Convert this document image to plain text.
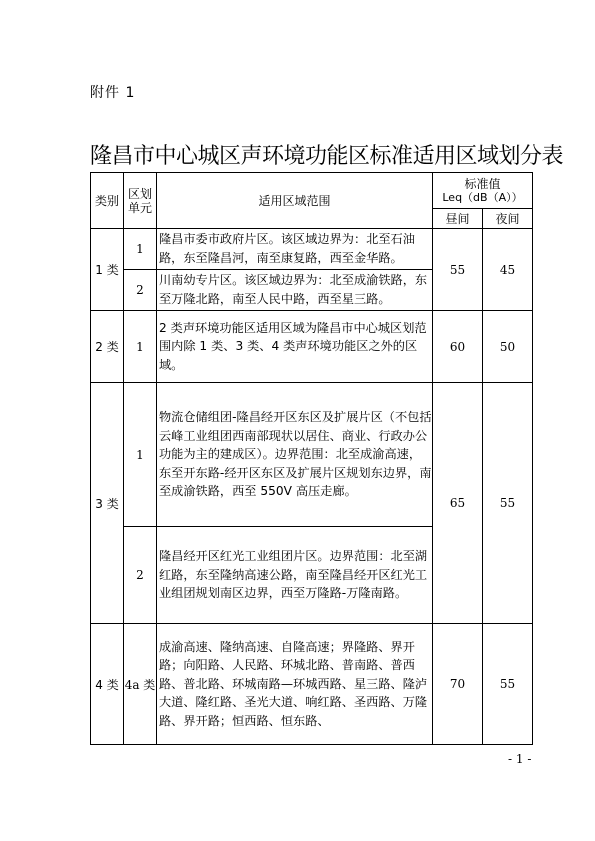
附件 1
隆昌市中心城区声环境功能区标准适用区域划分表
类别	区划单元	适用区域范围	标准值
Leq（dB（A））	

			昼间	夜间
1 类	1	隆昌市委市政府片区。该区域边界为：北至石油路，东至隆昌河，南至康复路，西至金华路。	55	45
	2	川南幼专片区。该区域边界为：北至成渝铁路，东至万隆北路，南至人民中路，西至星三路。		
2 类	1	2 类声环境功能区适用区域为隆昌市中心城区划范围内除 1 类、3 类、4 类声环境功能区之外的区域。	60	50
3 类	1	物流仓储组团-隆昌经开区东区及扩展片区（不包括云峰工业组团西南部现状以居住、商业、行政办公功能为主的建成区）。边界范围：北至成渝高速，东至开东路-经开区东区及扩展片区规划东边界，南至成渝铁路，西至 550V 高压走廊。	65	55
	2	隆昌经开区红光工业组团片区。边界范围：北至湖红路，东至隆纳高速公路，南至隆昌经开区红光工业组团规划南区边界，西至万隆路-万隆南路。		
4 类	4a 类	成渝高速、隆纳高速、自隆高速；界隆路、界开路；向阳路、人民路、环城北路、普南路、普西路、普北路、环城南路—环城西路、星三路、隆泸大道、隆红路、圣光大道、响红路、圣西路、万隆路、界开路；恒西路、恒东路、	70	55
- 1 -
